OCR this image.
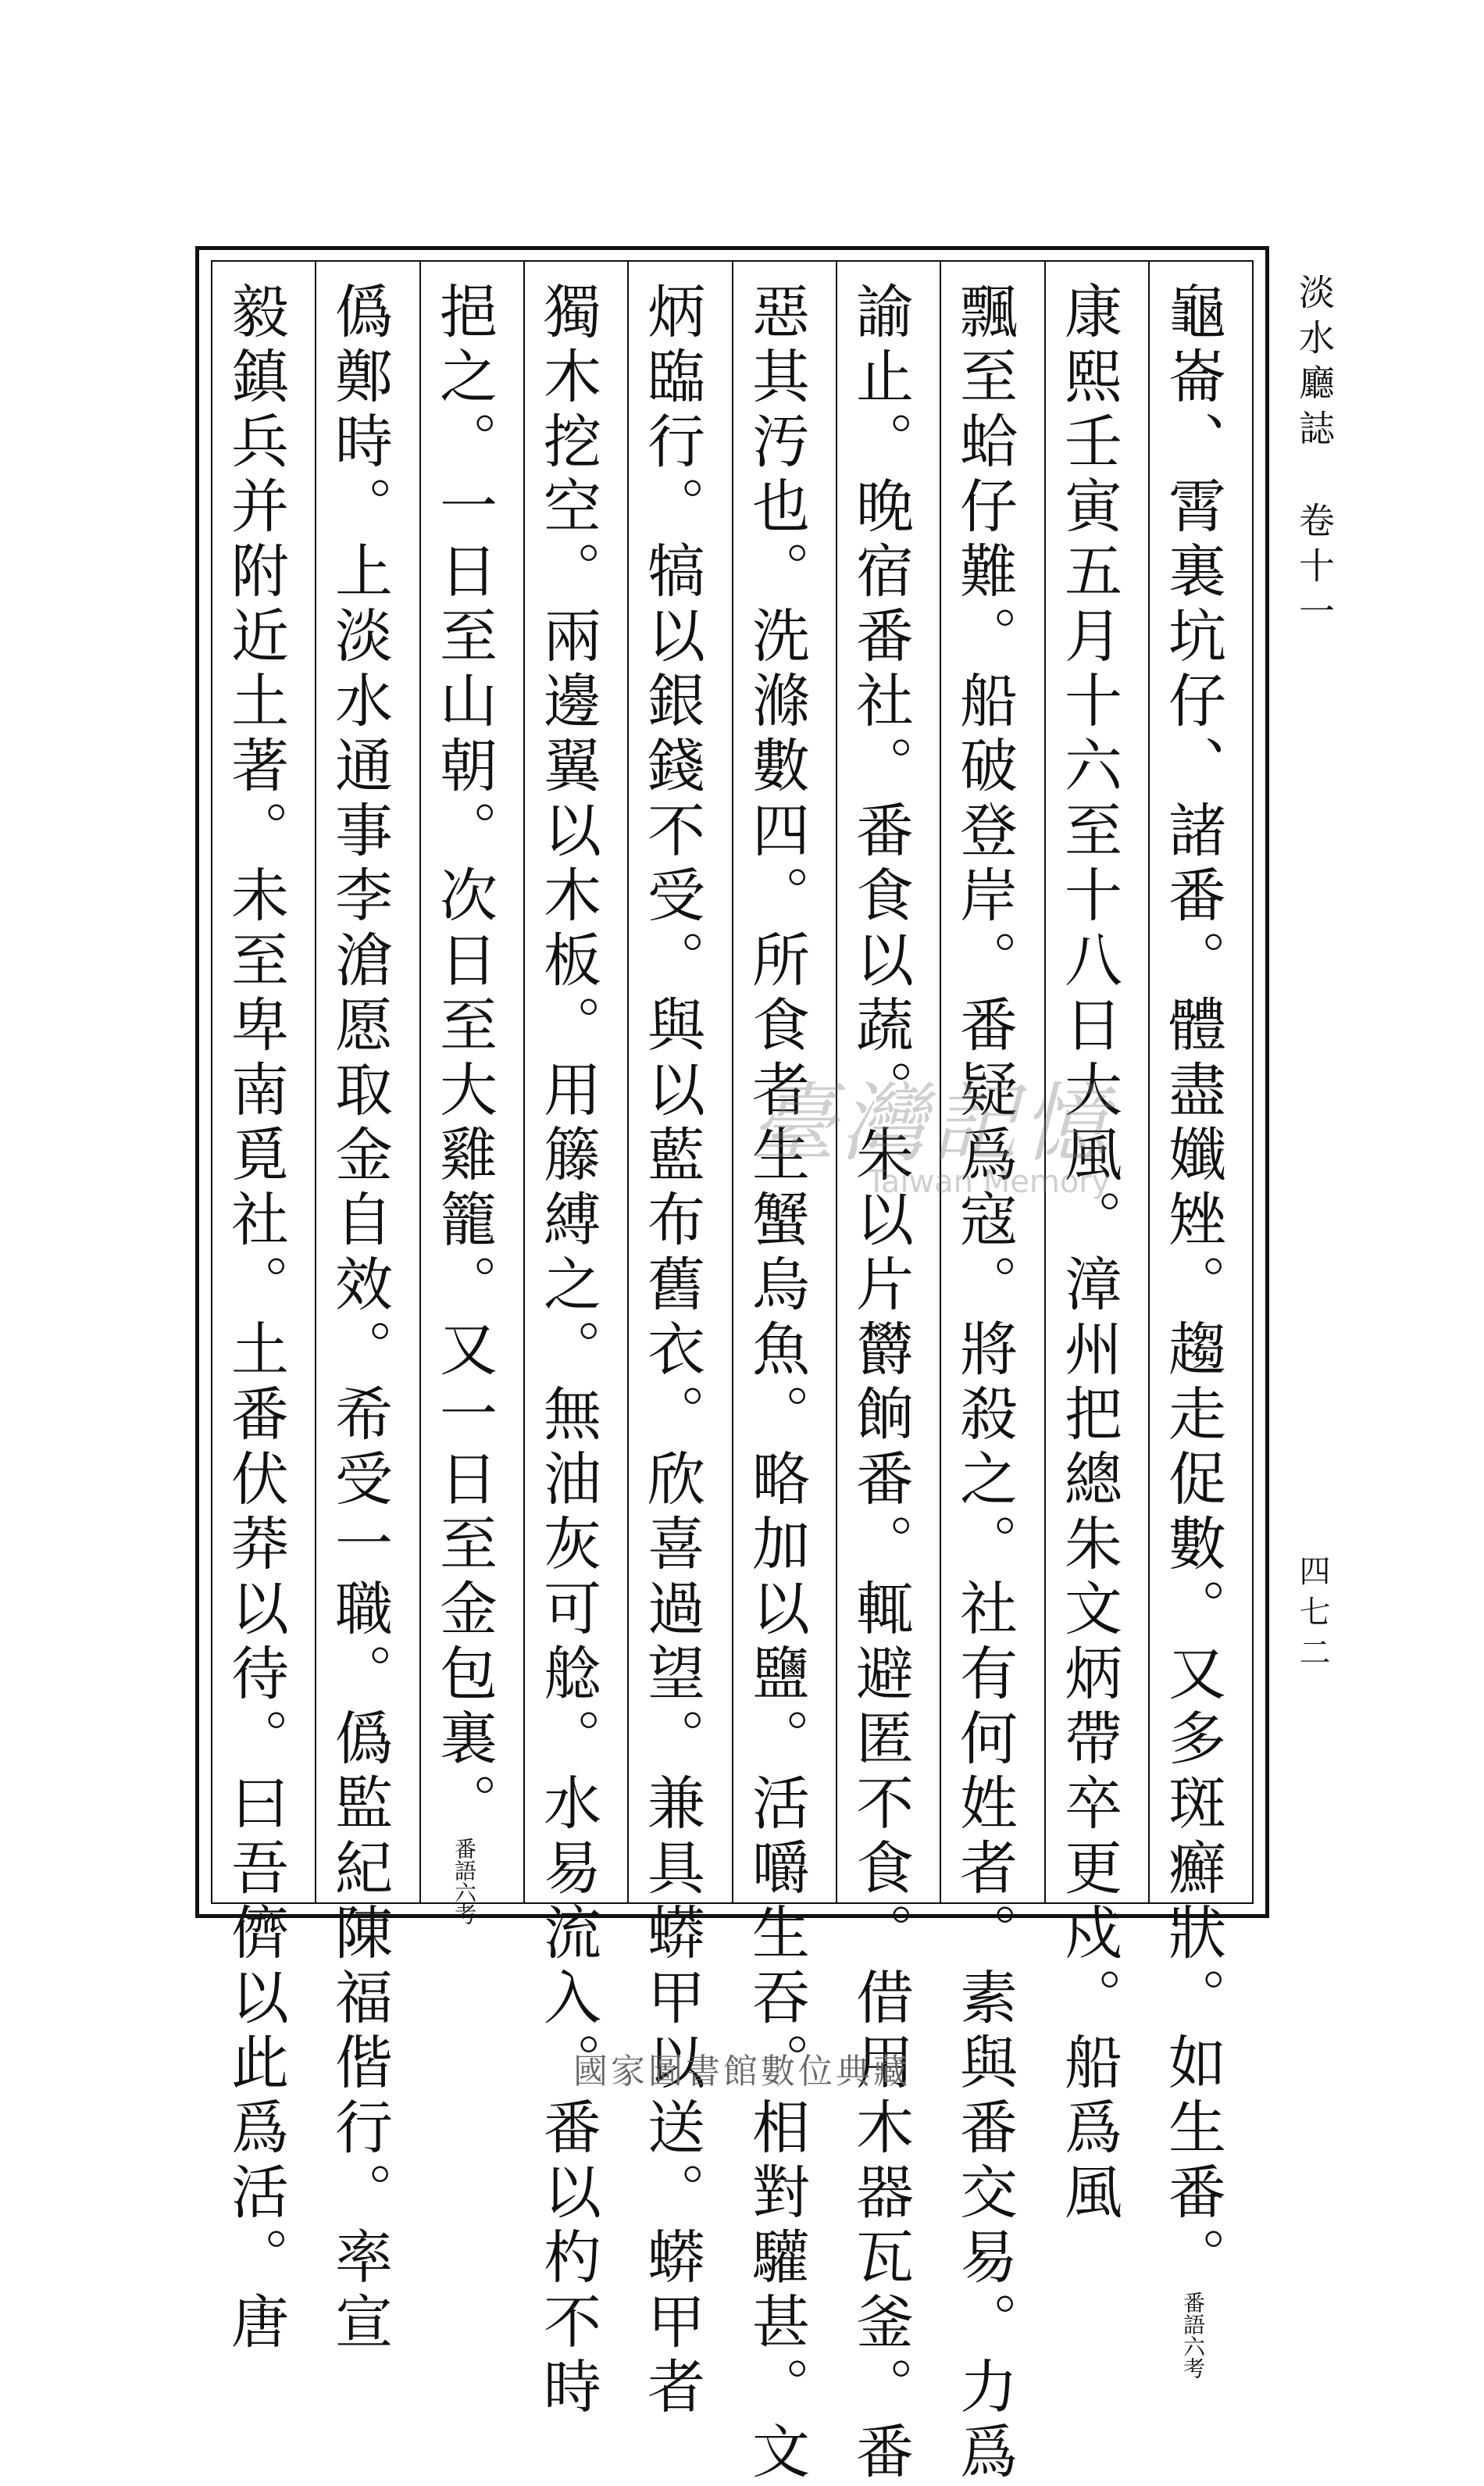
淡水廳誌卷十一
四七二
龜崙、霄裏坑仔、諸番。體盡孅矬。趨走促數。又多斑癬狀。如生番。番語六考
康熙壬寅五月十六至十八日大風。漳州把總朱文炳帶卒更戍。船爲風
飄至蛤仔難。船破登岸。番疑爲寇。將殺之。社有何姓者。素與番交易。力爲
諭止。晚宿番社。番食以蔬。朱以片欝餉番。輒避匿不食。借用木器瓦釜。番
惡其汚也。洗滌數四。所食者生蟹烏魚。略加以鹽。活嚼生吞。相對驩甚。文
炳臨行。犒以銀錢不受。與以藍布舊衣。欣喜過望。兼具蟒甲以送。蟒甲者
獨木挖空。兩邊翼以木板。用籐縛之。無油灰可艌。水易流入。番以杓不時
挹之。一日至山朝。次日至大雞籠。又一日至金包裏。番語六考
僞鄭時。上淡水通事李滄愿取金自效。希受一職。僞監紀陳福偕行。率宣
毅鎮兵并附近土著。未至卑南覓社。土番伏莽以待。曰吾儕以此爲活。唐	臺灣記憶
Taiwan Memory
國家圖書館數位典藏
